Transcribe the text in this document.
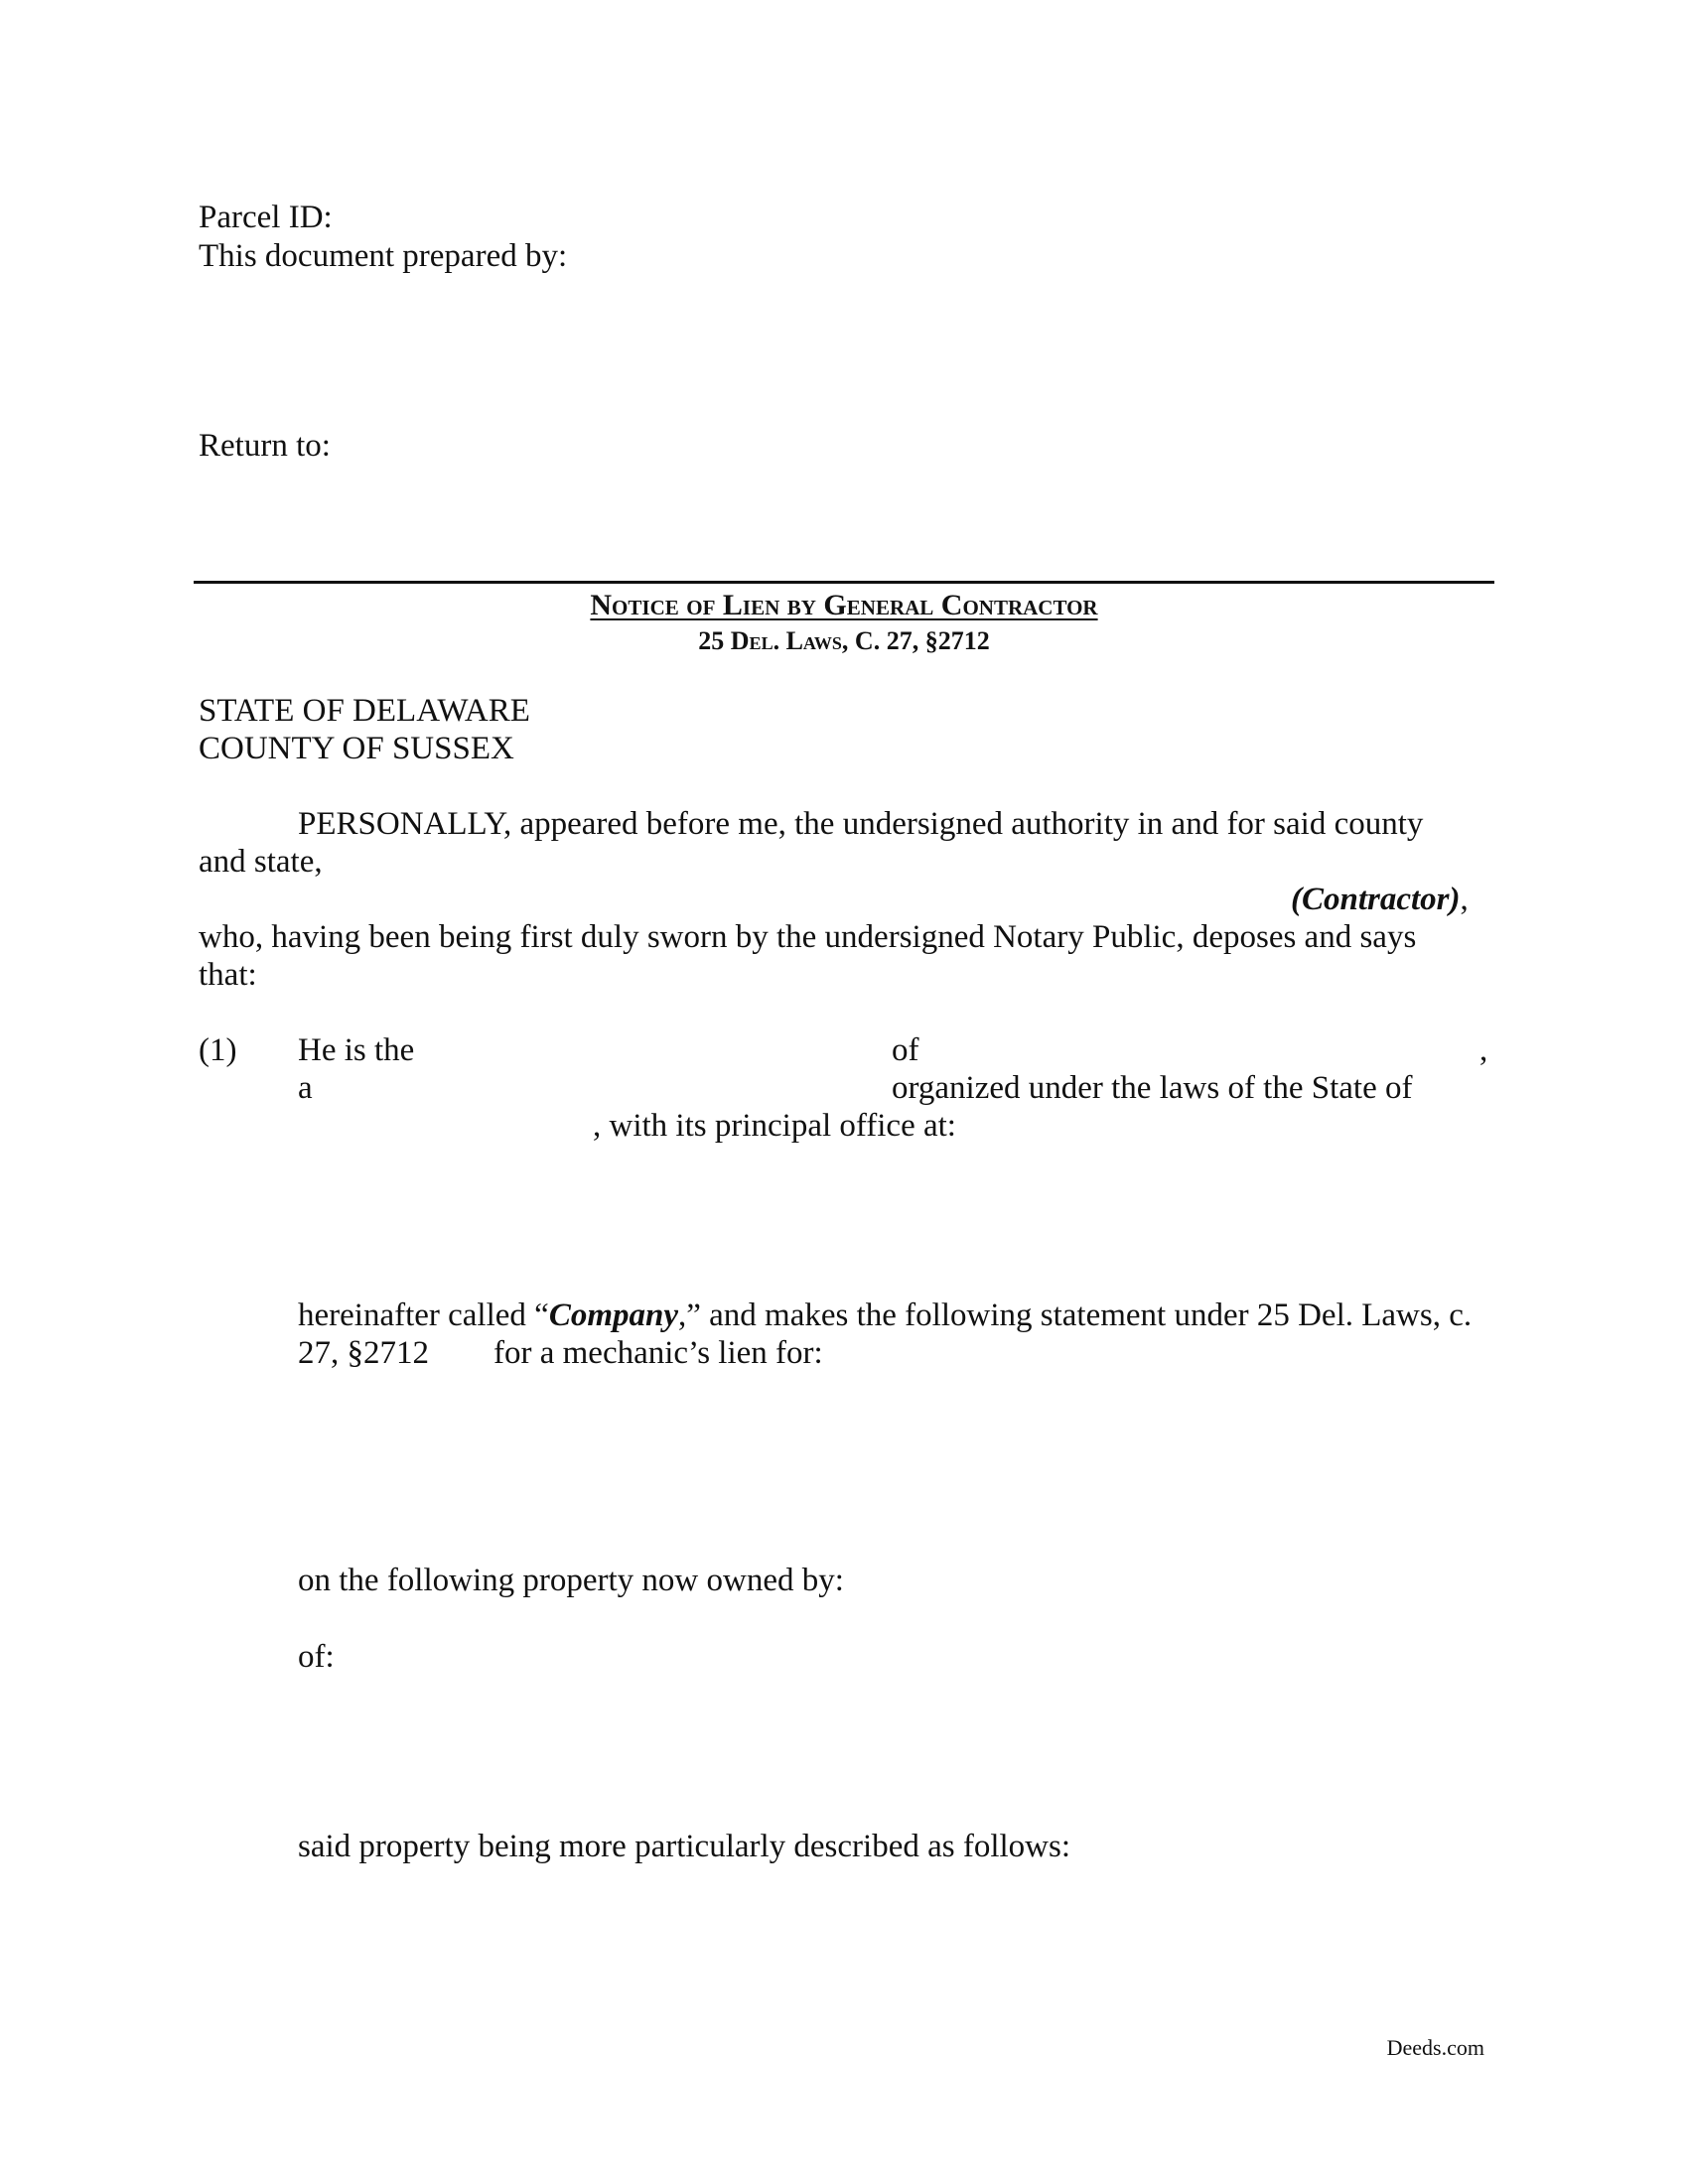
Parcel ID:
This document prepared by:
Return to:
Notice of Lien by General Contractor
25 Del. Laws, C. 27, §2712
STATE OF DELAWARE
COUNTY OF SUSSEX
PERSONALLY, appeared before me, the undersigned authority in and for said county
and state,
(Contractor),
who, having been being first duly sworn by the undersigned Notary Public, deposes and says
that:
(1) He is the	of	,
a	organized under the laws of the State of
, with its principal office at:
hereinafter called “Company,” and makes the following statement under 25 Del. Laws, c.
27, §2712 for a mechanic’s lien for:
on the following property now owned by:
of:
said property being more particularly described as follows:
Deeds.com
